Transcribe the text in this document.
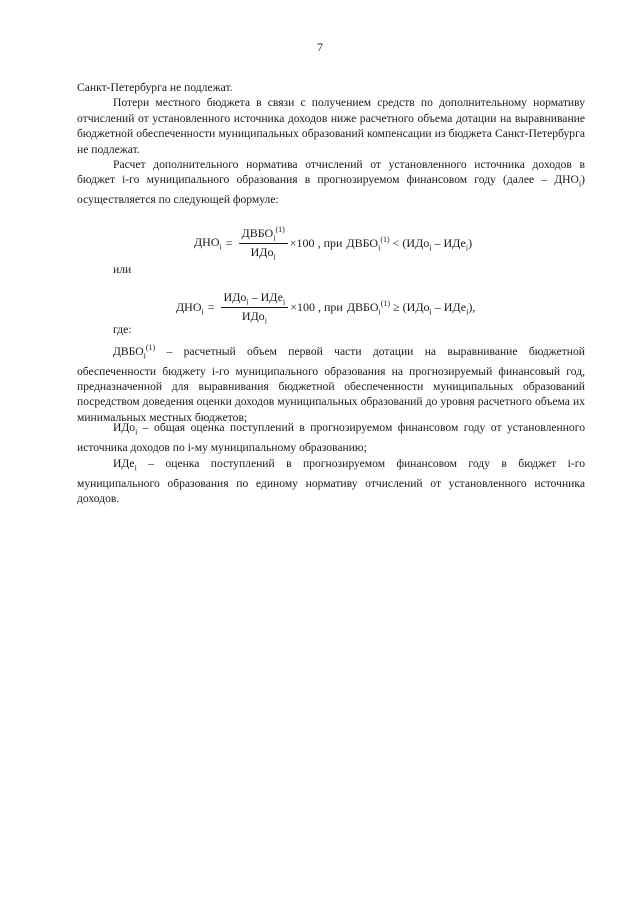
7

Санкт-Петербурга не подлежат.

Потери местного бюджета в связи с получением средств по дополнительному нормативу отчислений от установленного источника доходов ниже расчетного объема дотации на выравнивание бюджетной обеспеченности муниципальных образований компенсации из бюджета Санкт-Петербурга не подлежат.

Расчет дополнительного норматива отчислений от установленного источника доходов в бюджет i-го муниципального образования в прогнозируемом финансовом году (далее – $ДНО_i$) осуществляется по следующей формуле:

$ДНО_i = \frac{ДВБО_i^{(1)}}{ИДо_i} \times 100$ , при $ДВБО_i^{(1)} < (ИДо_i - ИДе_i)$
или
$ДНО_i = \frac{ИДо_i - ИДе_i}{ИДо_i} \times 100$ , при $ДВБО_i^{(1)} \ge (ИДо_i - ИДе_i)$,
где:

$ДВБО_i^{(1)}$ – расчетный объем первой части дотации на выравнивание бюджетной обеспеченности бюджету i-го муниципального образования на прогнозируемый финансовый год, предназначенной для выравнивания бюджетной обеспеченности муниципальных образований посредством доведения оценки доходов муниципальных образований до уровня расчетного объема их минимальных местных бюджетов;

ИДо$_i$ – общая оценка поступлений в прогнозируемом финансовом году от установленного источника доходов по i-му муниципальному образованию;

ИДе$_i$ – оценка поступлений в прогнозируемом финансовом году в бюджет i-го муниципального образования по единому нормативу отчислений от установленного источника доходов.
